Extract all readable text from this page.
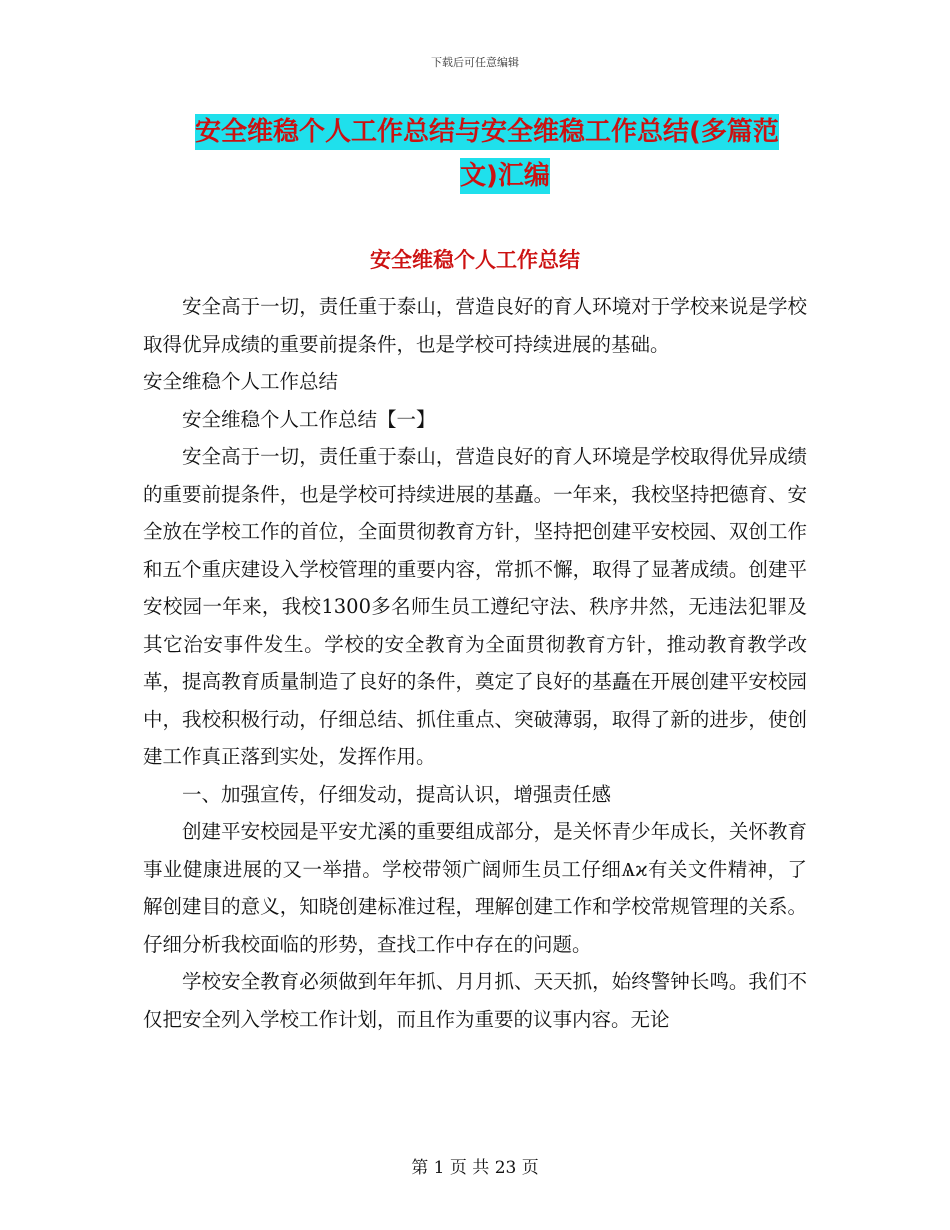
下载后可任意编辑
安全维稳个人工作总结与安全维稳工作总结(多篇范
文)汇编
安全维稳个人工作总结

安全高于一切，责任重于泰山，营造良好的育人环境对于学校来说是学校取得优异成绩的重要前提条件，也是学校可持续进展的基础。

安全维稳个人工作总结

安全维稳个人工作总结【一】

安全高于一切，责任重于泰山，营造良好的育人环境是学校取得优异成绩的重要前提条件，也是学校可持续进展的基矗。一年来，我校坚持把德育、安全放在学校工作的首位，全面贯彻教育方针，坚持把创建平安校园、双创工作和五个重庆建设入学校管理的重要内容，常抓不懈，取得了显著成绩。创建平安校园一年来，我校1300多名师生员工遵纪守法、秩序井然，无违法犯罪及其它治安事件发生。学校的安全教育为全面贯彻教育方针，推动教育教学改革，提高教育质量制造了良好的条件，奠定了良好的基矗在开展创建平安校园中，我校积极行动，仔细总结、抓住重点、突破薄弱，取得了新的进步，使创建工作真正落到实处，发挥作用。

一、加强宣传，仔细发动，提高认识，增强责任感

创建平安校园是平安尤溪的重要组成部分，是关怀青少年成长，关怀教育事业健康进展的又一举措。学校带领广阔师生员工仔细Ѧϰ有关文件精神，了解创建目的意义，知晓创建标准过程，理解创建工作和学校常规管理的关系。仔细分析我校面临的形势，查找工作中存在的问题。

学校安全教育必须做到年年抓、月月抓、天天抓，始终警钟长鸣。我们不仅把安全列入学校工作计划，而且作为重要的议事内容。无论

第 1 页 共 23 页
